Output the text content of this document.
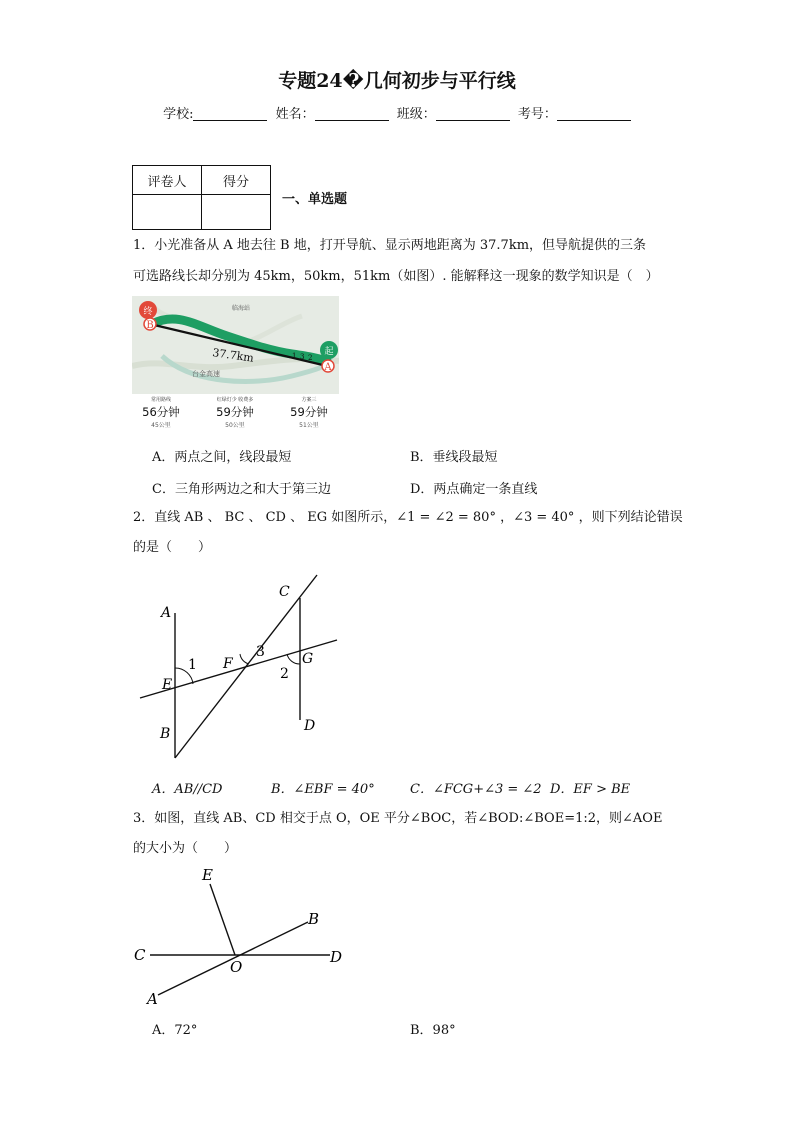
专题24�几何初步与平行线
学校:	姓名：	班级：	考号：
评卷人	得分

一、单选题
1．小光准备从 A 地去往 B 地，打开导航、显示两地距离为 37.7km，但导航提供的三条
可选路线长却分别为 45km，50km，51km（如图）. 能解释这一现象的数学知识是（　）
终
起
B
A
37.7km	1 3 2
临海站
台金高速
常用路线
56分钟
45公里
红绿灯少 收费多
59分钟
50公里
方案三
59分钟
51公里
A．两点之间，线段最短	B．垂线段最短
C．三角形两边之和大于第三边	D．两点确定一条直线
2．直线 AB 、 BC 、 CD 、 EG 如图所示，∠1 = ∠2 = 80° ，∠3 = 40° ，则下列结论错误
的是（　　）
A
B
C
D
E
F	G
1
2
3
A．AB//CD	B．∠EBF = 40°	C．∠FCG+∠3 = ∠2 D．EF > BE
3．如图，直线 AB、CD 相交于点 O，OE 平分∠BOC，若∠BOD:∠BOE=1:2，则∠AOE
的大小为（　　）
E
B
C	D
O
A
A．72°	B．98°
